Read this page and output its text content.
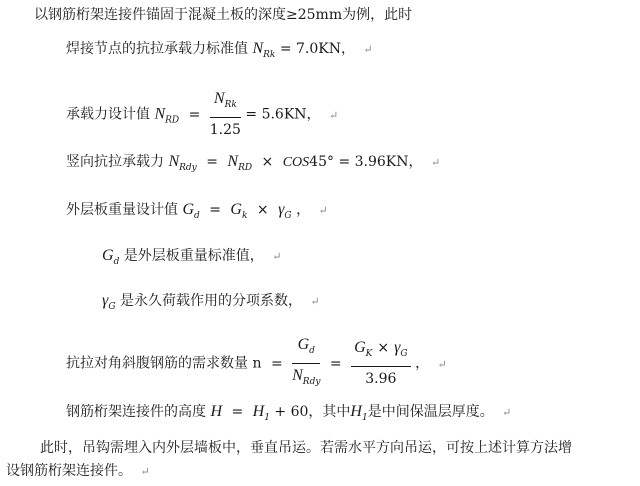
以钢筋桁架连接件锚固于混凝土板的深度≥25mm为例，此时
焊接节点的抗拉承载力标准值 $N_{Rk} = 7.0KN$， ↵
承载力设计值 $N_{RD} = \frac{N_{Rk}}{1.25} = 5.6KN$， ↵
竖向抗拉承载力 $N_{Rdy} = N_{RD} \times COS45^\circ = 3.96KN$， ↵
外层板重量设计值 $G_d = G_k \times \gamma_G$ ， ↵
$G_d$ 是外层板重量标准值， ↵
$\gamma_G$ 是永久荷载作用的分项系数， ↵
抗拉对角斜腹钢筋的需求数量 $n = \frac{G_d}{N_{Rdy}} = \frac{G_K \times \gamma_G}{3.96}$ ， ↵
钢筋桁架连接件的高度 $H = H_1 + 60$，其中$H_1$是中间保温层厚度。 ↵
此时，吊钩需埋入内外层墙板中，垂直吊运。若需水平方向吊运，可按上述计算方法增
设钢筋桁架连接件。 ↵
